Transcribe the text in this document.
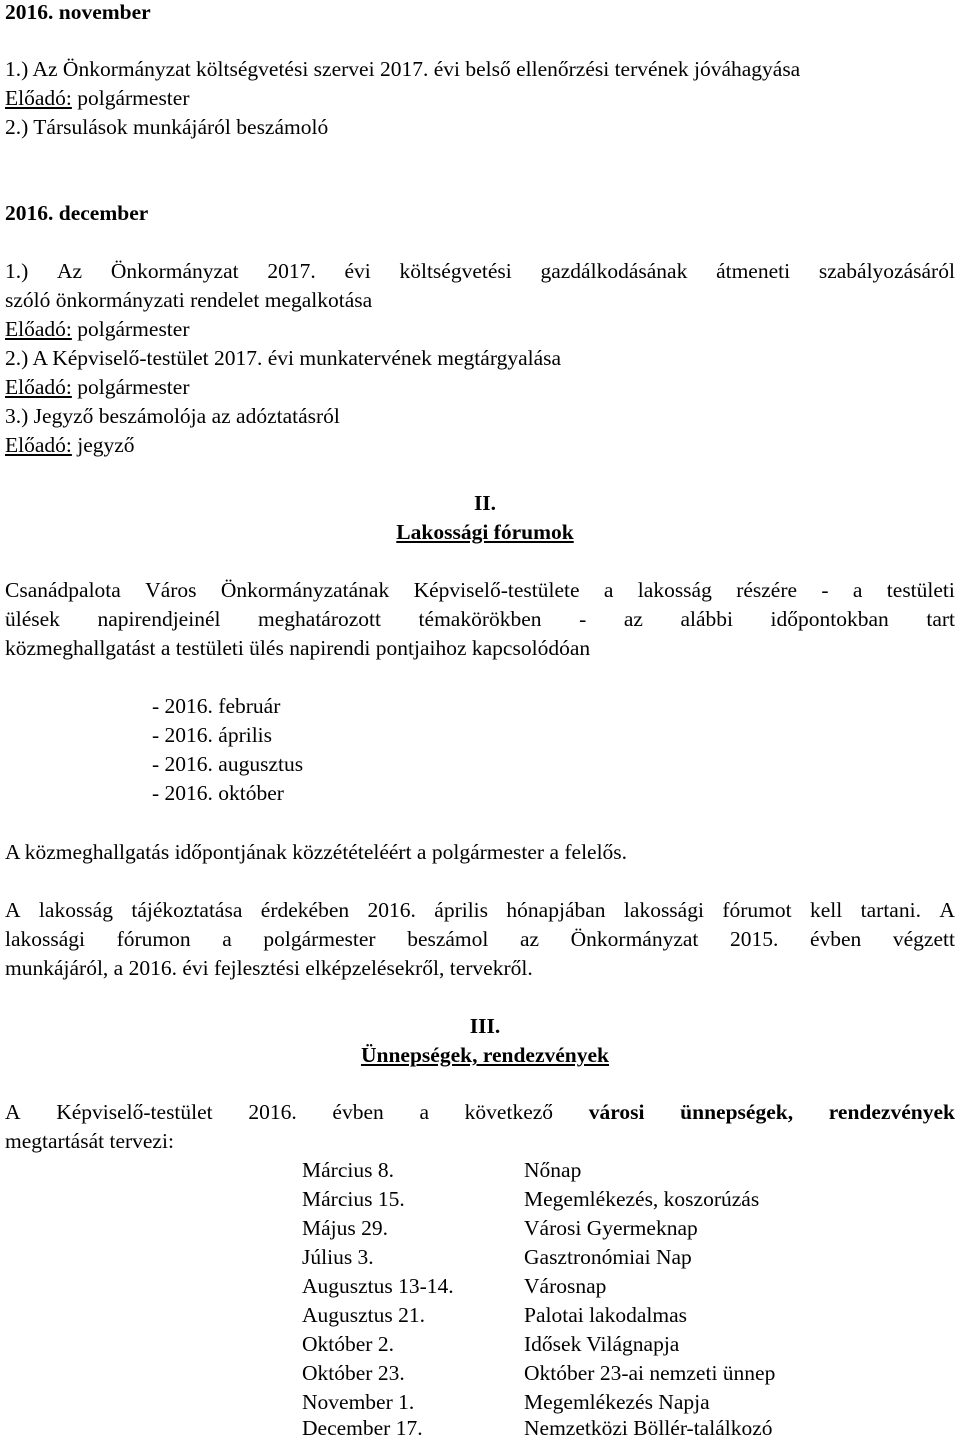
2016. november
1.) Az Önkormányzat költségvetési szervei 2017. évi belső ellenőrzési tervének jóváhagyása
Előadó: polgármester
2.) Társulások munkájáról beszámoló
2016. december
1.) Az Önkormányzat 2017. évi költségvetési gazdálkodásának átmeneti szabályozásáról
szóló önkormányzati rendelet megalkotása
Előadó: polgármester
2.) A Képviselő-testület 2017. évi munkatervének megtárgyalása
Előadó: polgármester
3.) Jegyző beszámolója az adóztatásról
Előadó: jegyző
II.
Lakossági fórumok
Csanádpalota Város Önkormányzatának Képviselő-testülete a lakosság részére - a testületi
ülések napirendjeinél meghatározott témakörökben - az alábbi időpontokban tart
közmeghallgatást a testületi ülés napirendi pontjaihoz kapcsolódóan
- 2016. február
- 2016. április
- 2016. augusztus
- 2016. október
A közmeghallgatás időpontjának közzétételéért a polgármester a felelős.
A lakosság tájékoztatása érdekében 2016. április hónapjában lakossági fórumot kell tartani. A
lakossági fórumon a polgármester beszámol az Önkormányzat 2015. évben végzett
munkájáról, a 2016. évi fejlesztési elképzelésekről, tervekről.
III.
Ünnepségek, rendezvények
A Képviselő-testület 2016. évben a következő városi ünnepségek, rendezvények
megtartását tervezi:
Március 8.	Nőnap
Március 15.	Megemlékezés, koszorúzás
Május 29.	Városi Gyermeknap
Július 3.	Gasztronómiai Nap
Augusztus 13-14.	Városnap
Augusztus 21.	Palotai lakodalmas
Október 2.	Idősek Világnapja
Október 23.	Október 23-ai nemzeti ünnep
November 1.	Megemlékezés Napja
December 17.	Nemzetközi Böllér-találkozó
